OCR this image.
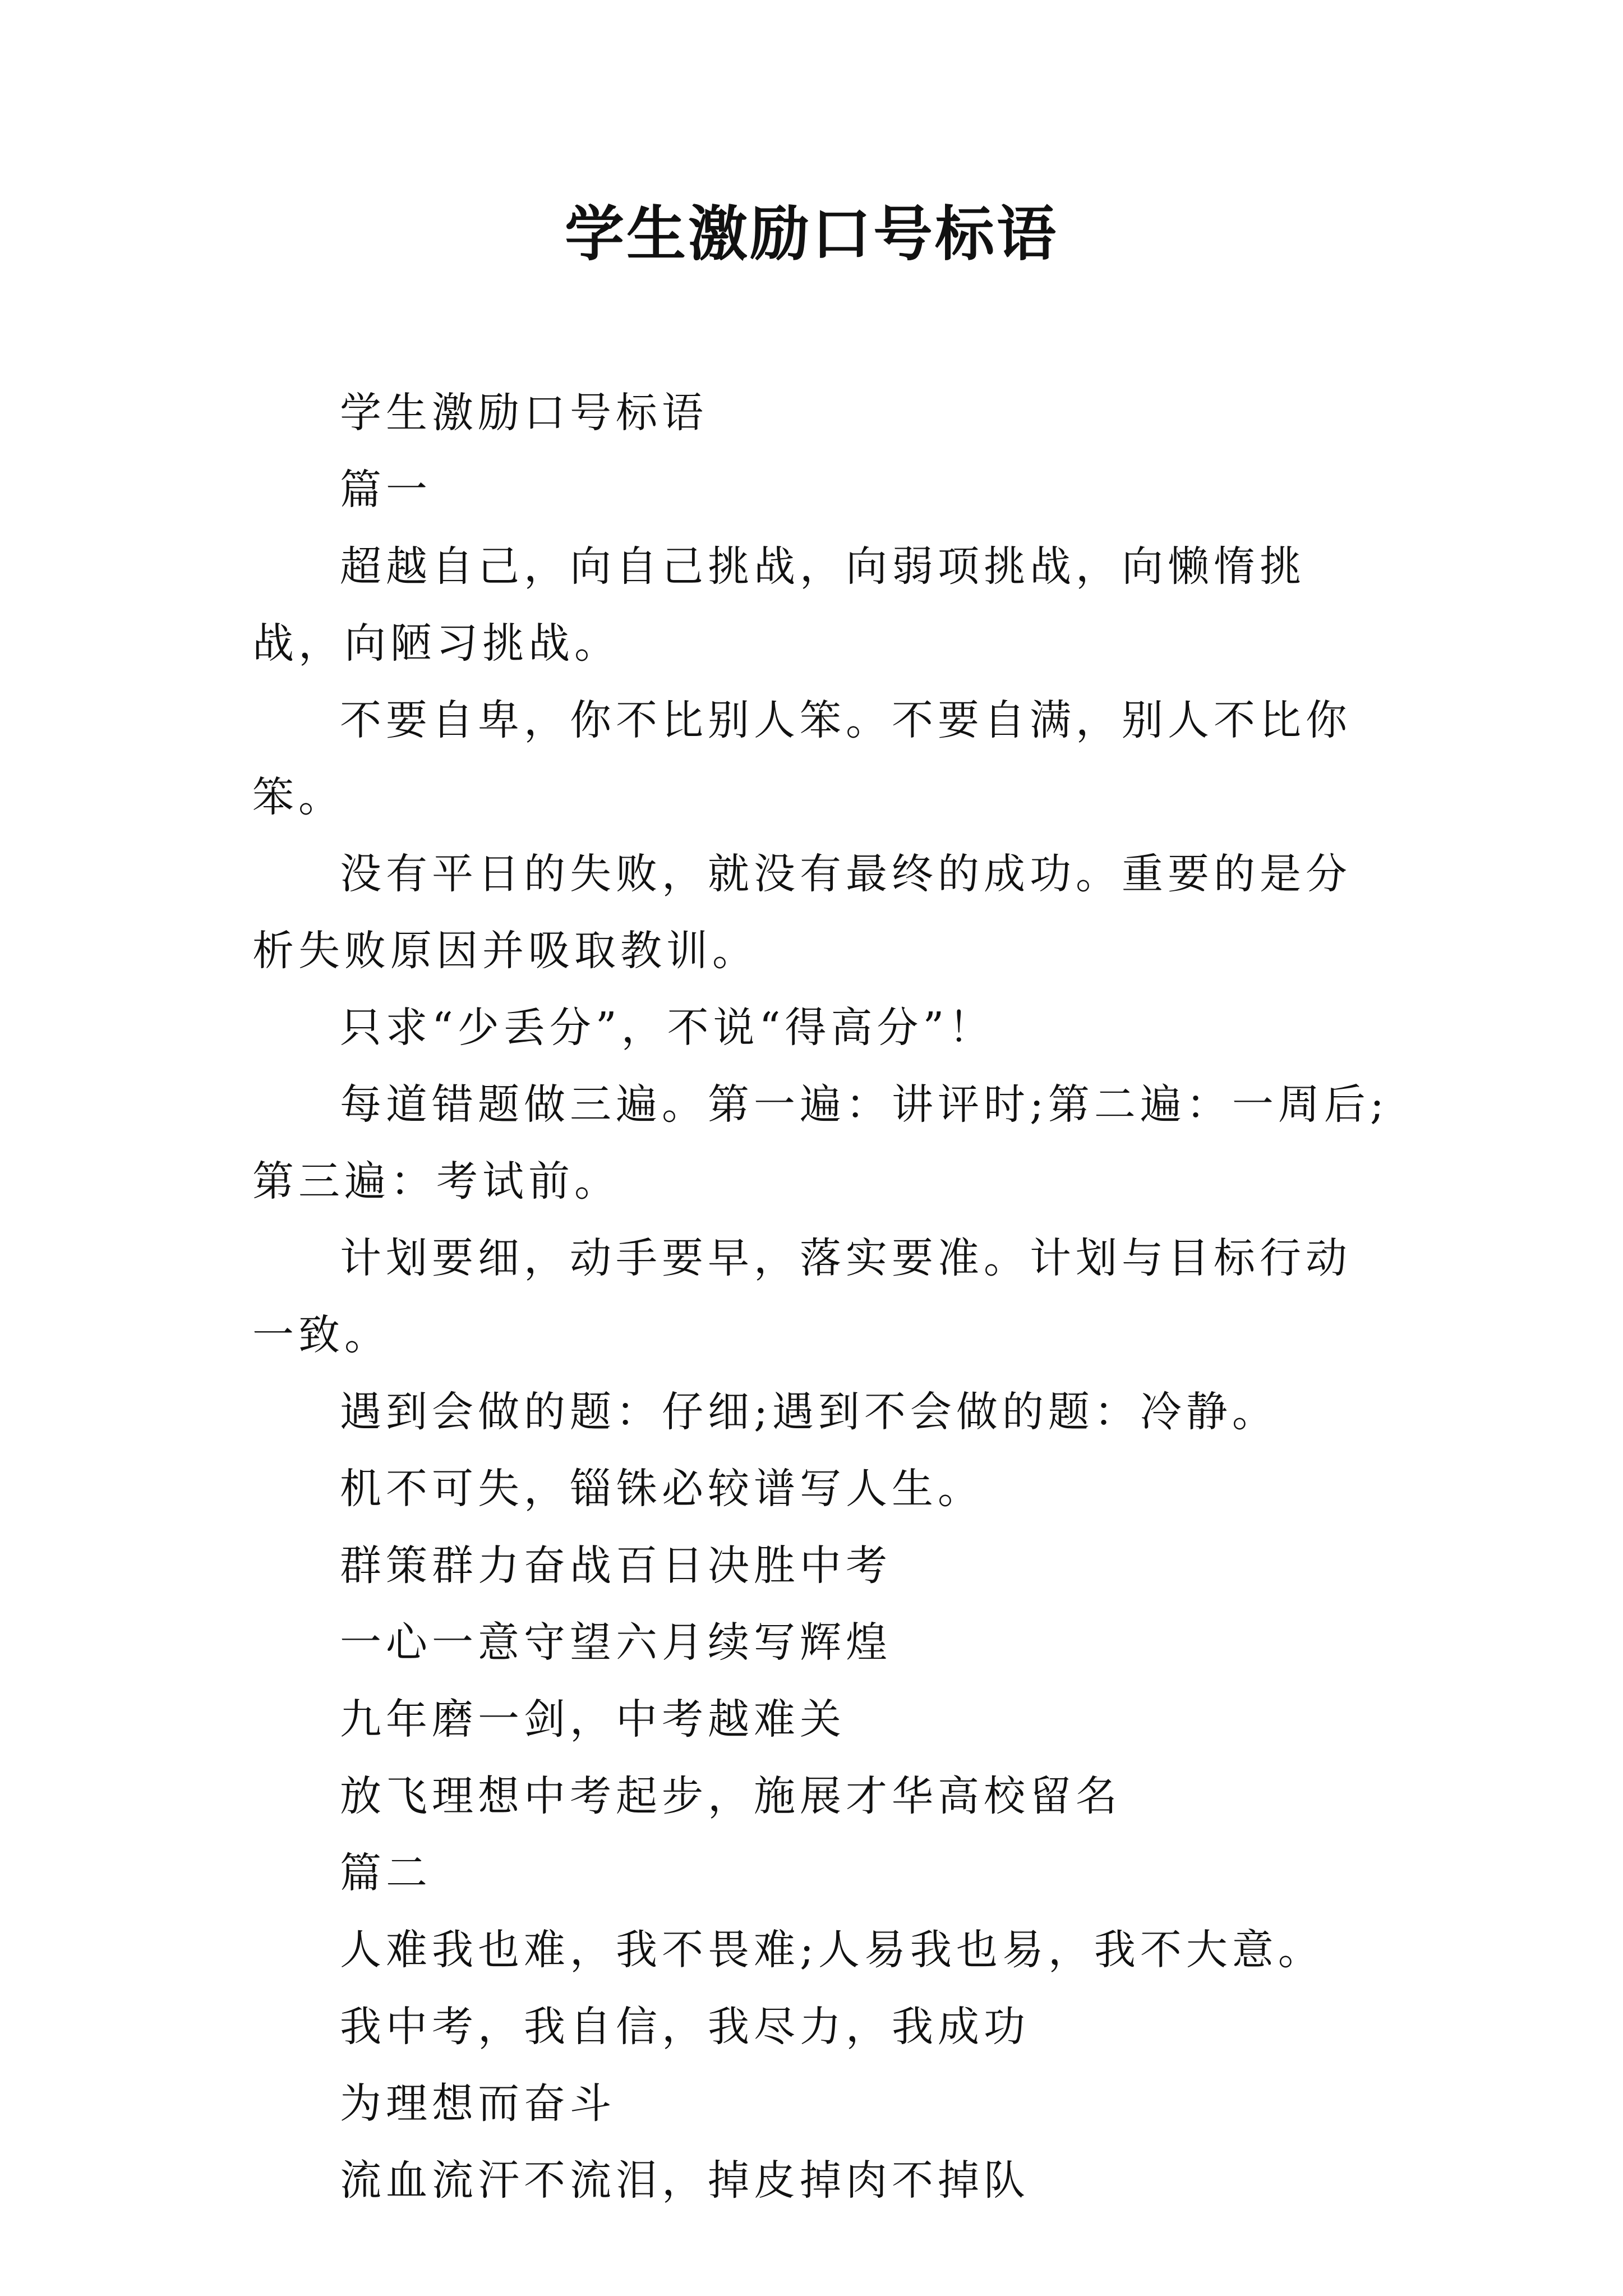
学生激励口号标语

学生激励口号标语

篇一

超越自己，向自己挑战，向弱项挑战，向懒惰挑战，向陋习挑战。

不要自卑，你不比别人笨。不要自满，别人不比你笨。

没有平日的失败，就没有最终的成功。重要的是分析失败原因并吸取教训。

只求“少丢分”，不说“得高分”！

每道错题做三遍。第一遍：讲评时;第二遍：一周后;第三遍：考试前。

计划要细，动手要早，落实要准。计划与目标行动一致。

遇到会做的题：仔细;遇到不会做的题：冷静。

机不可失，锱铢必较谱写人生。

群策群力奋战百日决胜中考

一心一意守望六月续写辉煌

九年磨一剑，中考越难关

放飞理想中考起步，施展才华高校留名

篇二

人难我也难，我不畏难;人易我也易，我不大意。

我中考，我自信，我尽力，我成功

为理想而奋斗

流血流汗不流泪，掉皮掉肉不掉队
